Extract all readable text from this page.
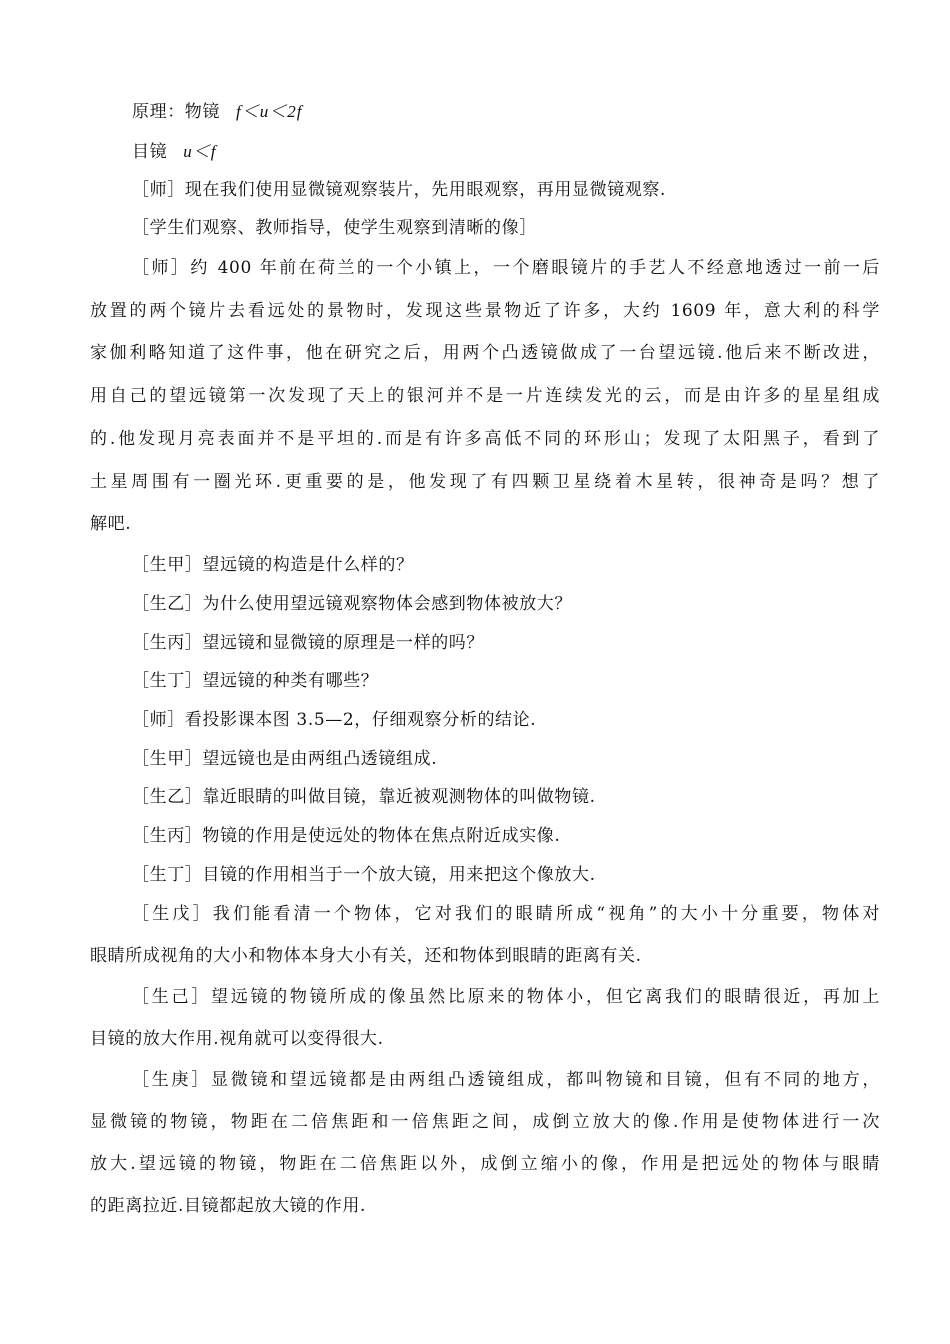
原理：物镜 f＜u＜2f
目镜 u＜f
［师］现在我们使用显微镜观察装片，先用眼观察，再用显微镜观察.
［学生们观察、教师指导，使学生观察到清晰的像］
［师］约 400 年前在荷兰的一个小镇上，一个磨眼镜片的手艺人不经意地透过一前一后
放置的两个镜片去看远处的景物时，发现这些景物近了许多，大约 1609 年，意大利的科学
家伽利略知道了这件事，他在研究之后，用两个凸透镜做成了一台望远镜.他后来不断改进，
用自己的望远镜第一次发现了天上的银河并不是一片连续发光的云，而是由许多的星星组成
的.他发现月亮表面并不是平坦的.而是有许多高低不同的环形山；发现了太阳黑子，看到了
土星周围有一圈光环.更重要的是，他发现了有四颗卫星绕着木星转，很神奇是吗？想了
解吧.
［生甲］望远镜的构造是什么样的？
［生乙］为什么使用望远镜观察物体会感到物体被放大？
［生丙］望远镜和显微镜的原理是一样的吗？
［生丁］望远镜的种类有哪些？
［师］看投影课本图 3.5—2，仔细观察分析的结论.
［生甲］望远镜也是由两组凸透镜组成.
［生乙］靠近眼睛的叫做目镜，靠近被观测物体的叫做物镜.
［生丙］物镜的作用是使远处的物体在焦点附近成实像.
［生丁］目镜的作用相当于一个放大镜，用来把这个像放大.
［生戊］我们能看清一个物体，它对我们的眼睛所成“视角”的大小十分重要，物体对
眼睛所成视角的大小和物体本身大小有关，还和物体到眼睛的距离有关.
［生己］望远镜的物镜所成的像虽然比原来的物体小，但它离我们的眼睛很近，再加上
目镜的放大作用.视角就可以变得很大.
［生庚］显微镜和望远镜都是由两组凸透镜组成，都叫物镜和目镜，但有不同的地方，
显微镜的物镜，物距在二倍焦距和一倍焦距之间，成倒立放大的像.作用是使物体进行一次
放大.望远镜的物镜，物距在二倍焦距以外，成倒立缩小的像，作用是把远处的物体与眼睛
的距离拉近.目镜都起放大镜的作用.
